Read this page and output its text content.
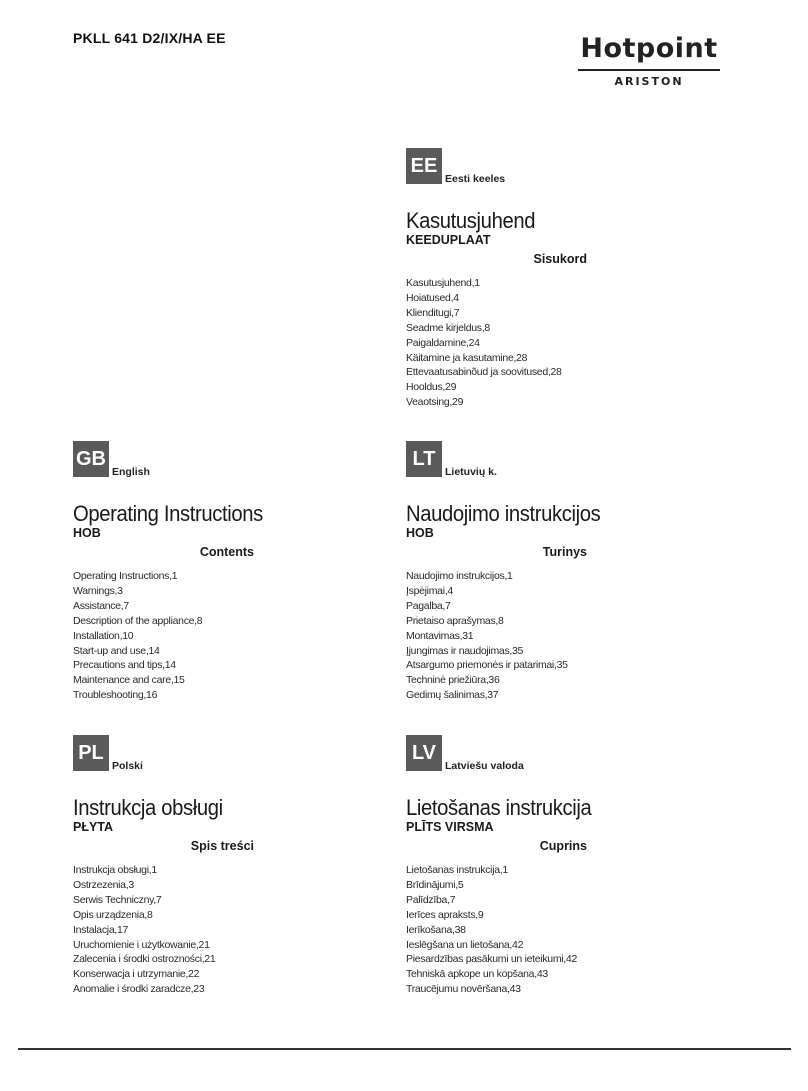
PKLL 641 D2/IX/HA EE	Hotpoint
ARISTON
EE
Eesti keeles
Kasutusjuhend
KEEDUPLAAT
Sisukord
Kasutusjuhend,1
Hoiatused,4
Klienditugi,7
Seadme kirjeldus,8
Paigaldamine,24
Käitamine ja kasutamine,28
Ettevaatusabinõud ja soovitused,28
Hooldus,29
Veaotsing,29
GB
English
Operating Instructions
HOB
Contents
Operating Instructions,1
Warnings,3
Assistance,7
Description of the appliance,8
Installation,10
Start-up and use,14
Precautions and tips,14
Maintenance and care,15
Troubleshooting,16
LT
Lietuvių k.
Naudojimo instrukcijos
HOB
Turinys
Naudojimo instrukcijos,1
Įspėjimai,4
Pagalba,7
Prietaiso aprašymas,8
Montavimas,31
Įjungimas ir naudojimas,35
Atsargumo priemonės ir patarimai,35
Techninė priežiūra,36
Gedimų šalinimas,37
PL
Polski
Instrukcja obsługi
PŁYTA
Spis treści
Instrukcja obsługi,1
Ostrzezenia,3
Serwis Techniczny,7
Opis urządzenia,8
Instalacja,17
Uruchomienie i użytkowanie,21
Zalecenia i środki ostrozności,21
Konserwacja i utrzymanie,22
Anomalie i środki zaradcze,23
LV
Latviešu valoda
Lietošanas instrukcija
PLĪTS VIRSMA
Cuprins
Lietošanas instrukcija,1
Brīdinājumi,5
Palīdzība,7
Ierīces apraksts,9
Ierīkošana,38
Ieslēgšana un lietošana,42
Piesardzības pasākumi un ieteikumi,42
Tehniskā apkope un kopšana,43
Traucējumu novēršana,43
